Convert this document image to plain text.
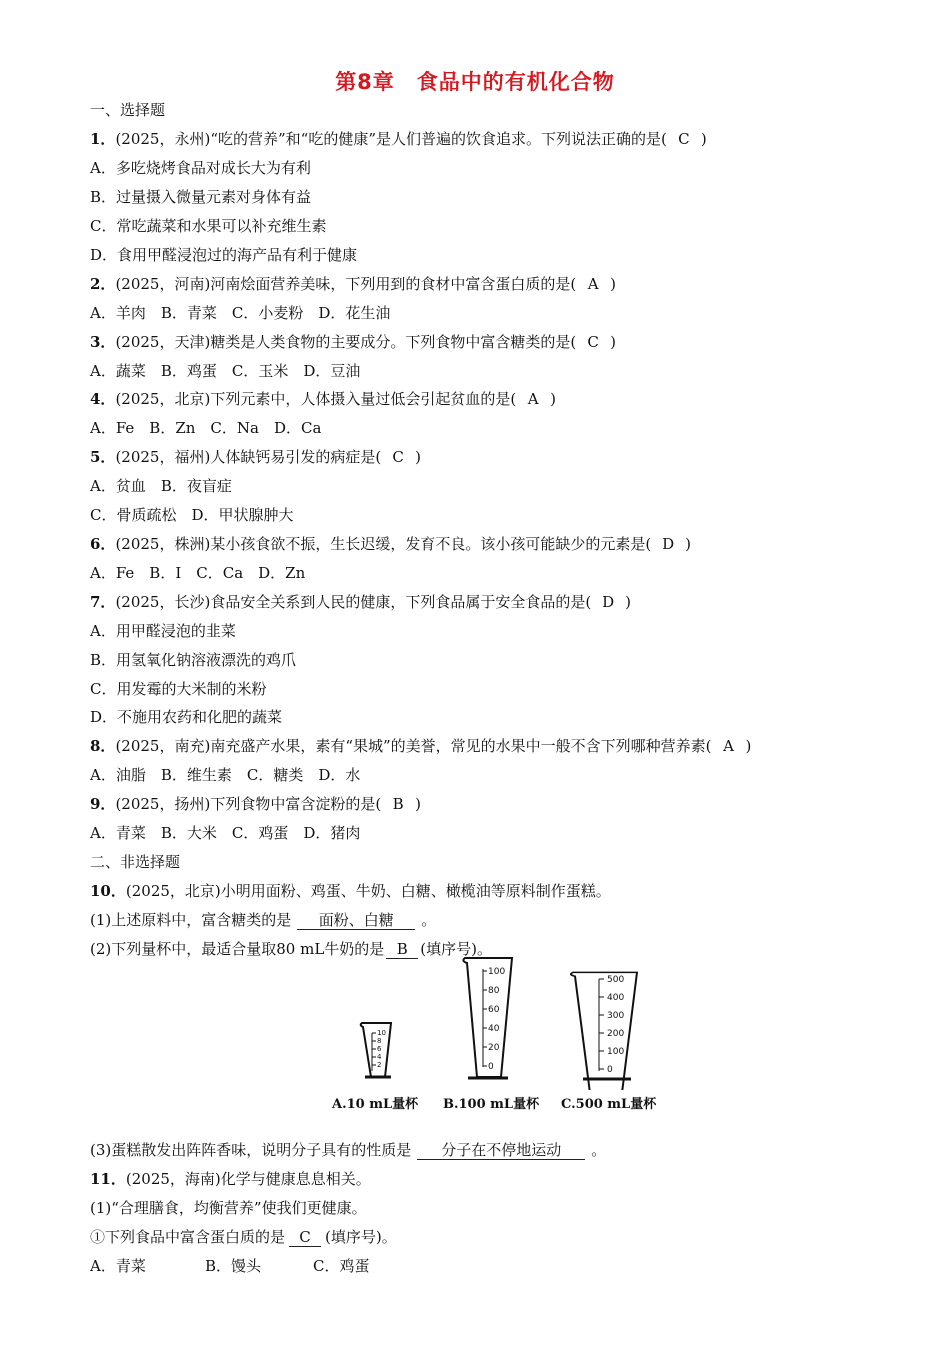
第8章　食品中的有机化合物
一、选择题
1．(2025，永州)“吃的营养”和“吃的健康”是人们普遍的饮食追求。下列说法正确的是( C )
A．多吃烧烤食品对成长大为有利
B．过量摄入微量元素对身体有益
C．常吃蔬菜和水果可以补充维生素
D．食用甲醛浸泡过的海产品有利于健康
2．(2025，河南)河南烩面营养美味，下列用到的食材中富含蛋白质的是( A )
A．羊肉　B．青菜　C．小麦粉　D．花生油
3．(2025，天津)糖类是人类食物的主要成分。下列食物中富含糖类的是( C )
A．蔬菜　B．鸡蛋　C．玉米　D．豆油
4．(2025，北京)下列元素中，人体摄入量过低会引起贫血的是( A )
A．Fe　B．Zn　C．Na　D．Ca
5．(2025，福州)人体缺钙易引发的病症是( C )
A．贫血　B．夜盲症
C．骨质疏松　D．甲状腺肿大
6．(2025，株洲)某小孩食欲不振，生长迟缓，发育不良。该小孩可能缺少的元素是( D )
A．Fe　B．I　C．Ca　D．Zn
7．(2025，长沙)食品安全关系到人民的健康，下列食品属于安全食品的是( D )
A．用甲醛浸泡的韭菜
B．用氢氧化钠溶液漂洗的鸡爪
C．用发霉的大米制的米粉
D．不施用农药和化肥的蔬菜
8．(2025，南充)南充盛产水果，素有“果城”的美誉，常见的水果中一般不含下列哪种营养素( A )
A．油脂　B．维生素　C．糖类　D．水
9．(2025，扬州)下列食物中富含淀粉的是( B )
A．青菜　B．大米　C．鸡蛋　D．猪肉
二、非选择题
10．(2025，北京)小明用面粉、鸡蛋、牛奶、白糖、橄榄油等原料制作蛋糕。
(1)上述原料中，富含糖类的是 面粉、白糖 。
(2)下列量杯中，最适合量取80 mL牛奶的是 B (填序号)。
10
8
6
4
2
100
80
60
40
20
0
500
400
300
200
100
0
A.10 mL量杯 B.100 mL量杯 C.500 mL量杯
(3)蛋糕散发出阵阵香味，说明分子具有的性质是 分子在不停地运动 。
11．(2025，海南)化学与健康息息相关。
(1)“合理膳食，均衡营养”使我们更健康。
①下列食品中富含蛋白质的是 C (填序号)。
A．青菜	B．馒头	C．鸡蛋
